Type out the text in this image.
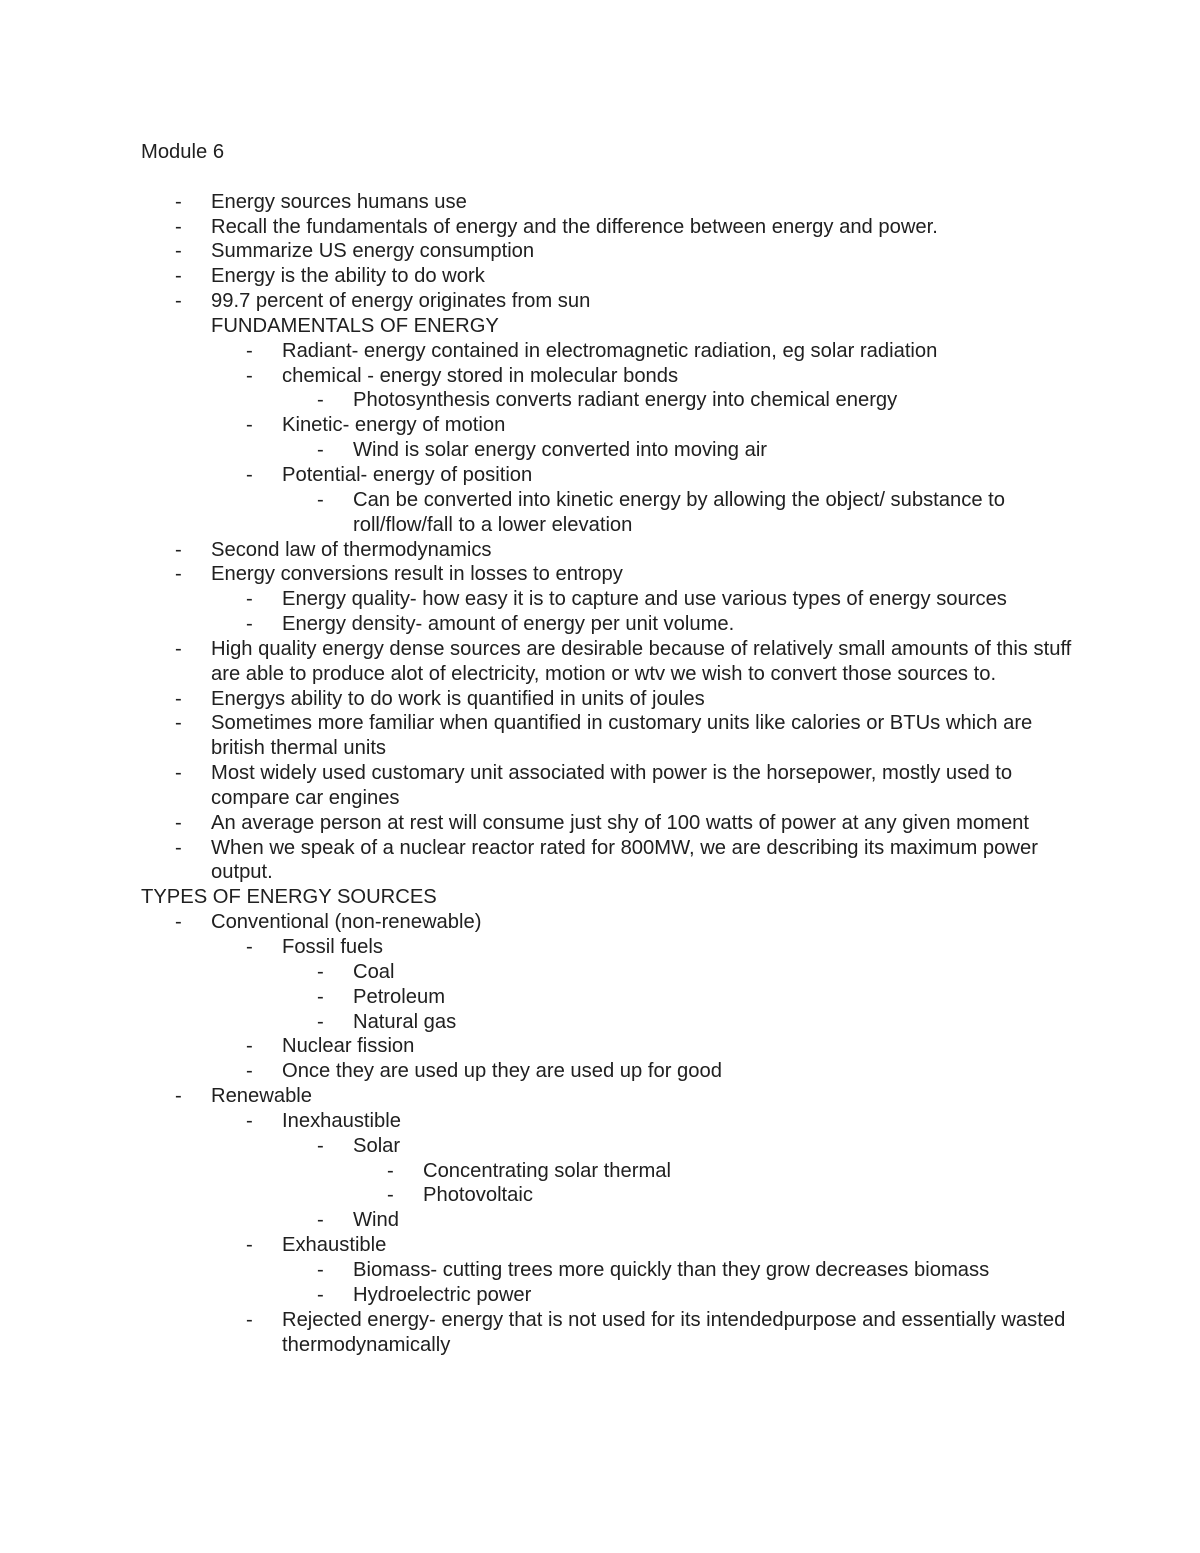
Module 6
- Energy sources humans use
- Recall the fundamentals of energy and the difference between energy and power.
- Summarize US energy consumption
- Energy is the ability to do work
- 99.7 percent of energy originates from sun
FUNDAMENTALS OF ENERGY
- Radiant- energy contained in electromagnetic radiation, eg solar radiation
- chemical - energy stored in molecular bonds
- Photosynthesis converts radiant energy into chemical energy
- Kinetic- energy of motion
- Wind is solar energy converted into moving air
- Potential- energy of position
- Can be converted into kinetic energy by allowing the object/ substance to roll/flow/fall to a lower elevation
- Second law of thermodynamics
- Energy conversions result in losses to entropy
- Energy quality- how easy it is to capture and use various types of energy sources
- Energy density- amount of energy per unit volume.
- High quality energy dense sources are desirable because of relatively small amounts of this stuff are able to produce alot of electricity, motion or wtv we wish to convert those sources to.
- Energys ability to do work is quantified in units of joules
- Sometimes more familiar when quantified in customary units like calories or BTUs which are british thermal units
- Most widely used customary unit associated with power is the horsepower, mostly used to compare car engines
- An average person at rest will consume just shy of 100 watts of power at any given moment
- When we speak of a nuclear reactor rated for 800MW, we are describing its maximum power output.
TYPES OF ENERGY SOURCES
- Conventional (non-renewable)
- Fossil fuels
- Coal
- Petroleum
- Natural gas
- Nuclear fission
- Once they are used up they are used up for good
- Renewable
- Inexhaustible
- Solar
- Concentrating solar thermal
- Photovoltaic
- Wind
- Exhaustible
- Biomass- cutting trees more quickly than they grow decreases biomass
- Hydroelectric power
- Rejected energy- energy that is not used for its intendedpurpose and essentially wasted thermodynamically
